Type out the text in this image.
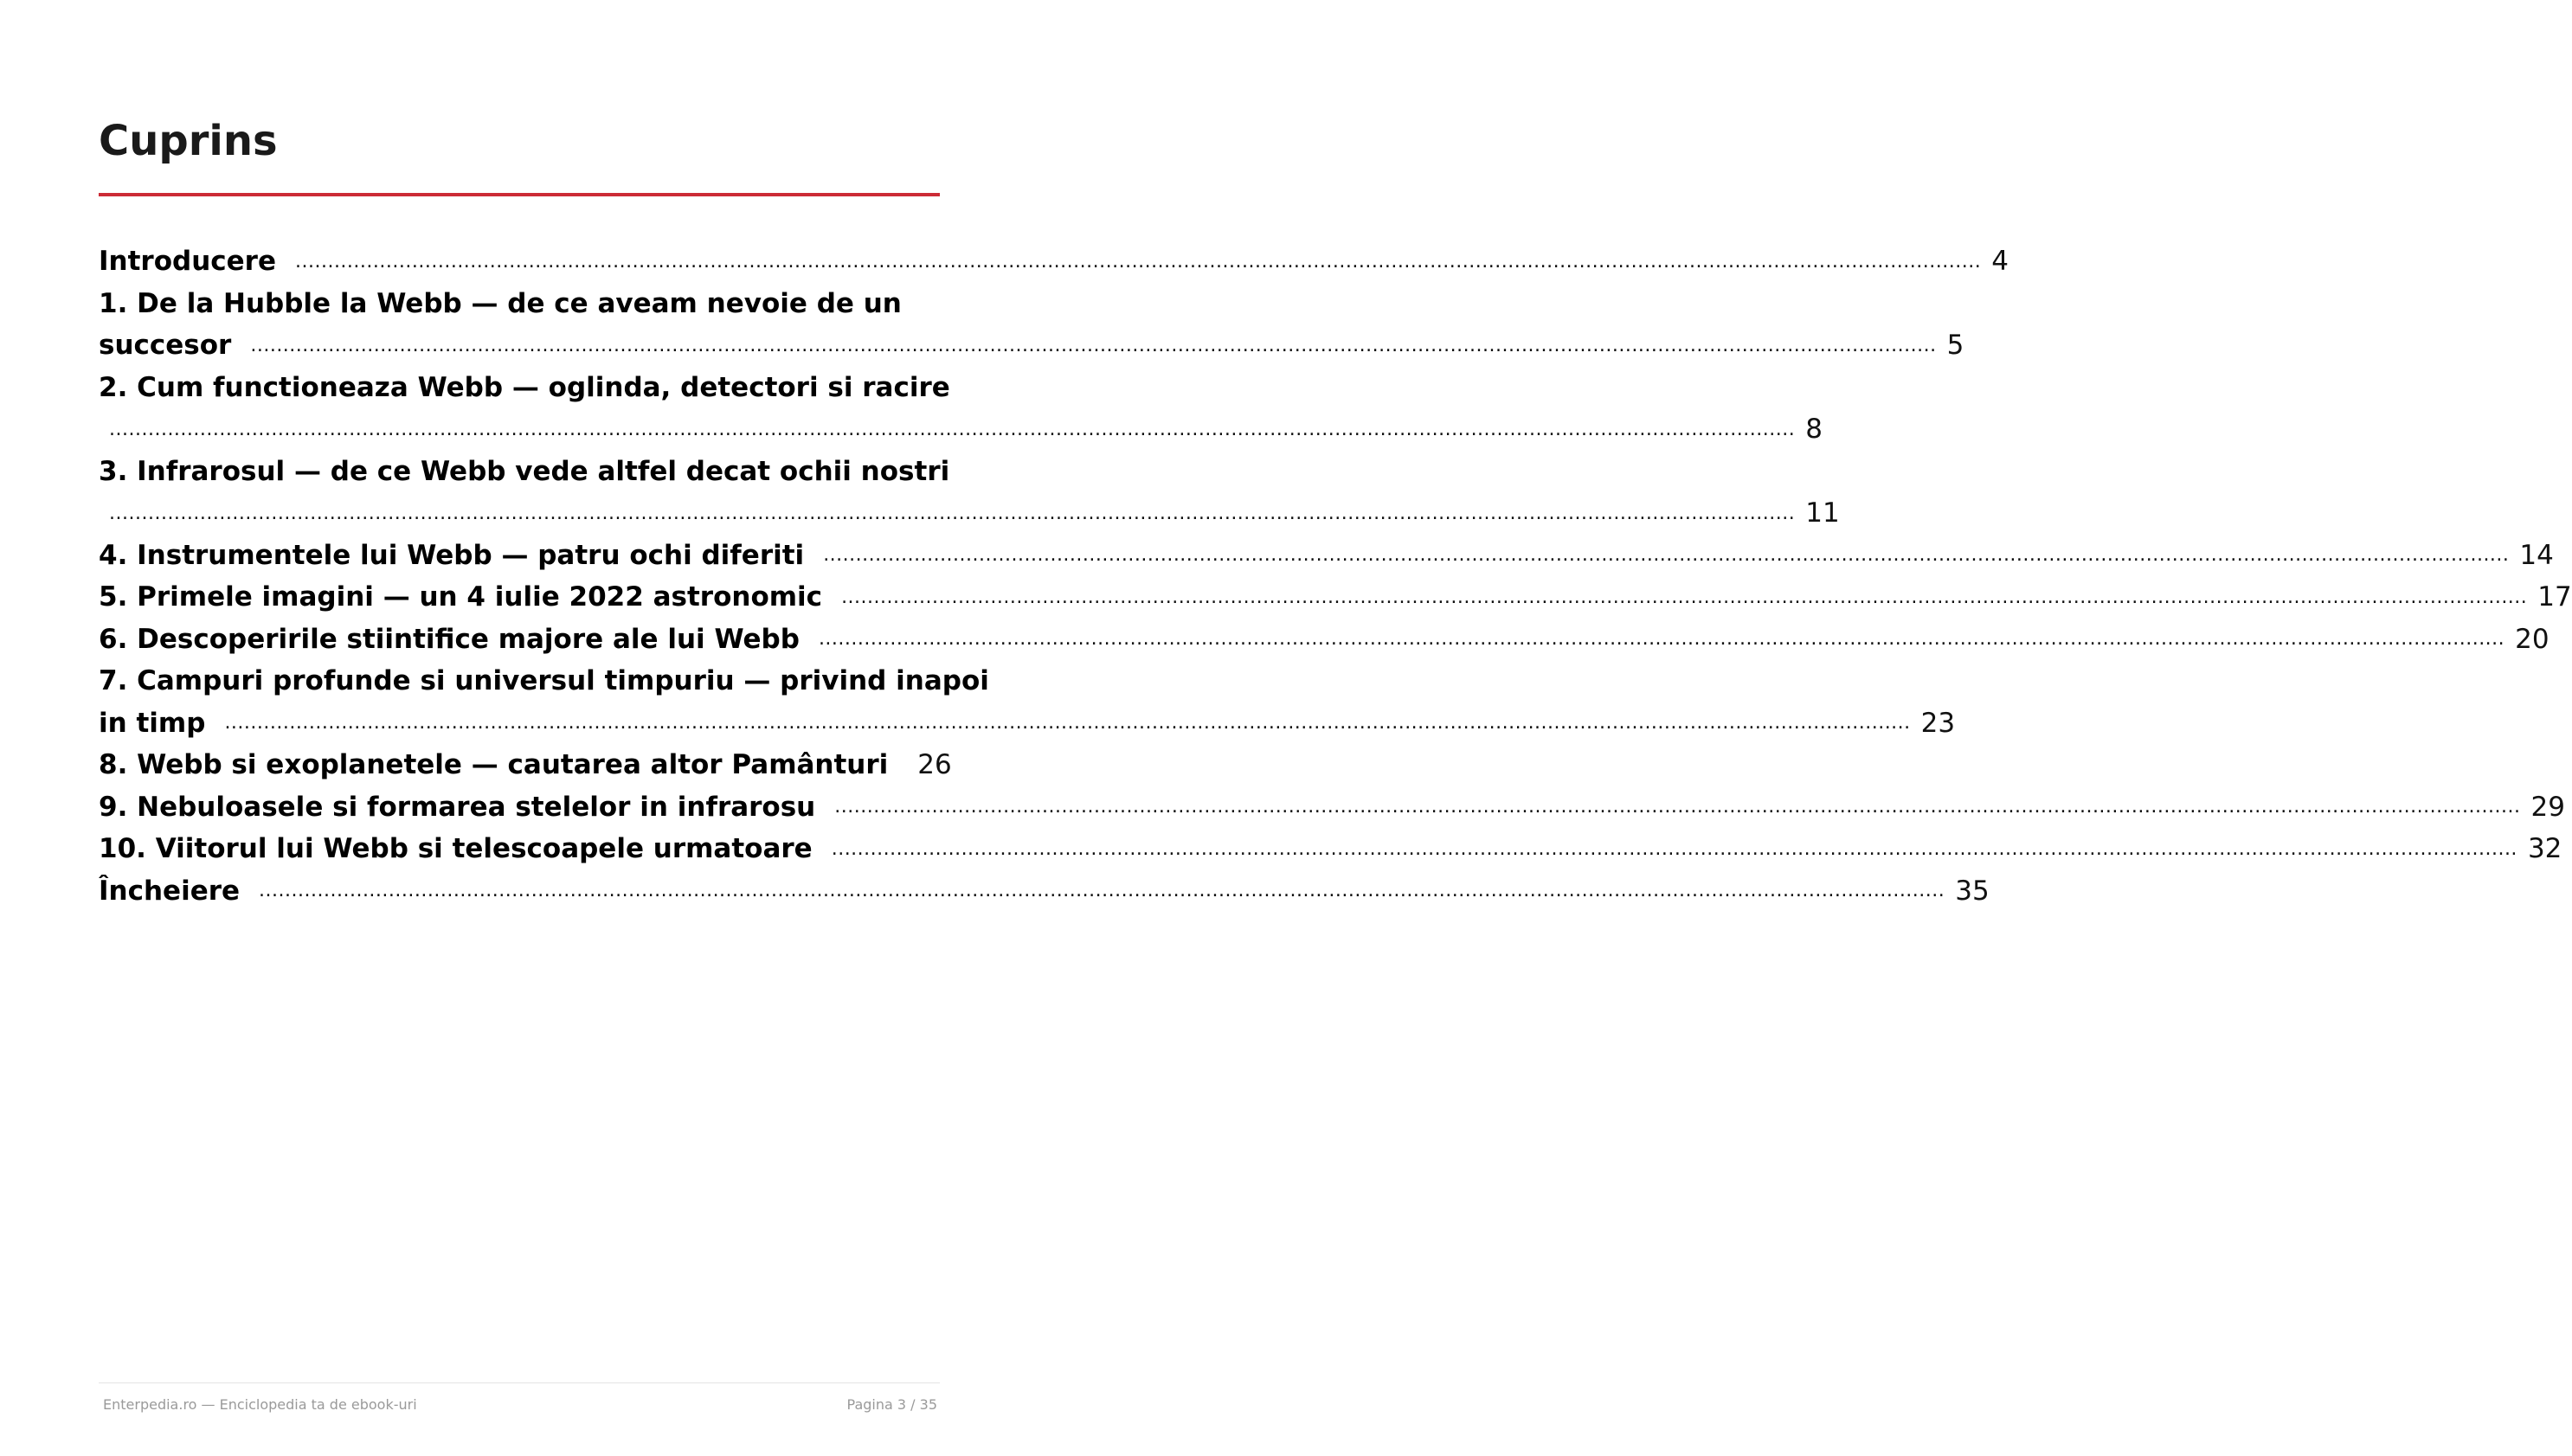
Cuprins
Introducere .....	4
1. De la Hubble la Webb — de ce aveam nevoie de un
succesor .....	5
2. Cum functioneaza Webb — oglinda, detectori si racire
.....
8
3. Infrarosul — de ce Webb vede altfel decat ochii nostri
.....
11
4. Instrumentele lui Webb — patru ochi diferiti .....	14
5. Primele imagini — un 4 iulie 2022 astronomic .....	17
6. Descoperirile stiintifice majore ale lui Webb .....	20
7. Campuri profunde si universul timpuriu — privind inapoi
in timp .....	23
8. Webb si exoplanetele — cautarea altor Pamânturi 26
9. Nebuloasele si formarea stelelor in infrarosu .....	29
10. Viitorul lui Webb si telescoapele urmatoare .....	32
Încheiere .....	35
Enterpedia.ro — Enciclopedia ta de ebook-uri	Pagina 3 / 35
